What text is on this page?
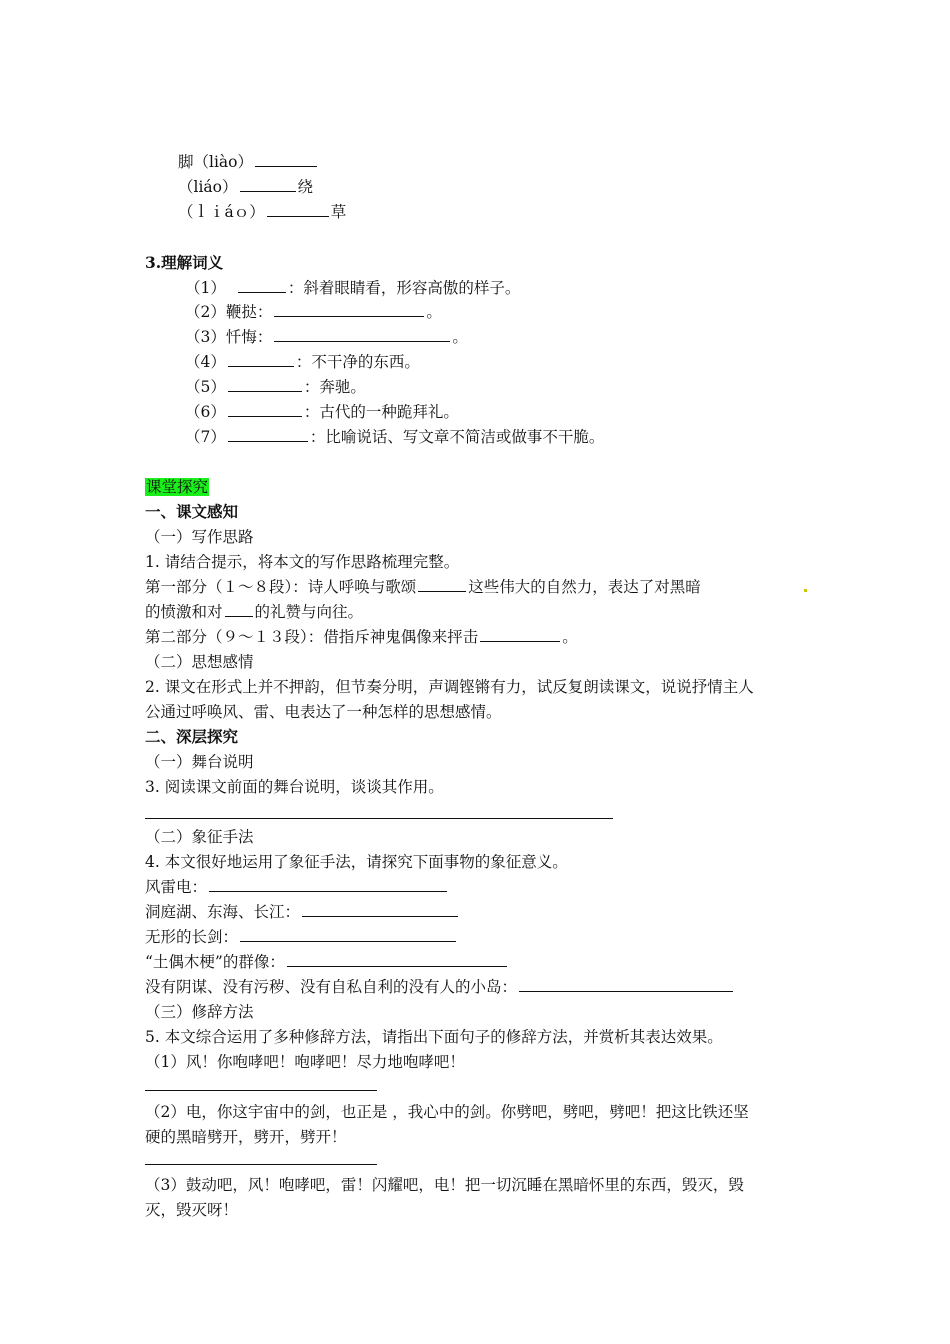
脚（liào）
（liáo）	绕
（ｌｉáｏ）	草
3.理解词义
（1）	：斜着眼睛看，形容高傲的样子。
（2）鞭挞：	。
（3）忏悔：	。
（4）	：不干净的东西。
（5）	：奔驰。
（6）	：古代的一种跪拜礼。
（7）	：比喻说话、写文章不简洁或做事不干脆。
课堂探究
一、课文感知
（一）写作思路
1. 请结合提示，将本文的写作思路梳理完整。
第一部分（１～８段）：诗人呼唤与歌颂	这些伟大的自然力，表达了对黑暗
的愤激和对 的礼赞与向往。
第二部分（９～１３段）：借指斥神鬼偶像来抨击	。
（二）思想感情
2. 课文在形式上并不押韵，但节奏分明，声调铿锵有力，试反复朗读课文，说说抒情主人
公通过呼唤风、雷、电表达了一种怎样的思想感情。
二、深层探究
（一）舞台说明
3. 阅读课文前面的舞台说明，谈谈其作用。
（二）象征手法
4. 本文很好地运用了象征手法，请探究下面事物的象征意义。
风雷电：
洞庭湖、东海、长江：
无形的长剑：
“土偶木梗”的群像：
没有阴谋、没有污秽、没有自私自利的没有人的小岛：
（三）修辞方法
5. 本文综合运用了多种修辞方法，请指出下面句子的修辞方法，并赏析其表达效果。
（1）风！你咆哮吧！咆哮吧！尽力地咆哮吧！
（2）电，你这宇宙中的剑，也正是 ，我心中的剑。你劈吧，劈吧，劈吧！把这比铁还坚
硬的黑暗劈开，劈开，劈开！
（3）鼓动吧，风！咆哮吧，雷！闪耀吧，电！把一切沉睡在黑暗怀里的东西，毁灭，毁
灭，毁灭呀！
